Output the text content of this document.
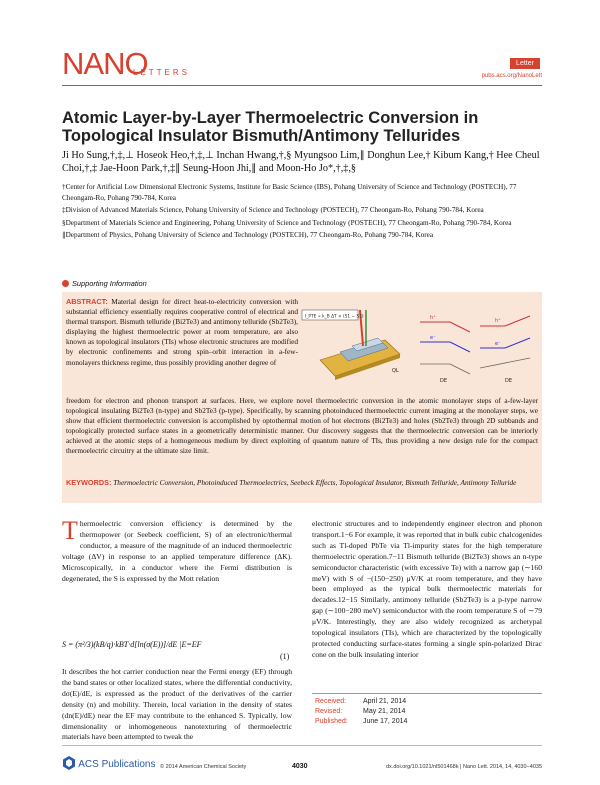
NANO
LETTERS
Letter
pubs.acs.org/NanoLett
Atomic Layer-by-Layer Thermoelectric Conversion in Topological Insulator Bismuth/Antimony Tellurides
Ji Ho Sung,†,‡,⊥ Hoseok Heo,†,‡,⊥ Inchan Hwang,†,§ Myungsoo Lim,∥ Donghun Lee,† Kibum Kang,† Hee Cheul Choi,†,‡ Jae-Hoon Park,†,‡∥ Seung-Hoon Jhi,∥ and Moon-Ho Jo*,†,‡,§

†Center for Artificial Low Dimensional Electronic Systems, Institute for Basic Science (IBS), Pohang University of Science and Technology (POSTECH), 77 Cheongam-Ro, Pohang 790-784, Korea

‡Division of Advanced Materials Science, Pohang University of Science and Technology (POSTECH), 77 Cheongam-Ro, Pohang 790-784, Korea

§Department of Materials Science and Engineering, Pohang University of Science and Technology (POSTECH), 77 Cheongam-Ro, Pohang 790-784, Korea

∥Department of Physics, Pohang University of Science and Technology (POSTECH), 77 Cheongam-Ro, Pohang 790-784, Korea

Supporting Information
ABSTRACT: Material design for direct heat-to-electricity conversion with substantial efficiency essentially requires cooperative control of electrical and thermal transport. Bismuth telluride (Bi2Te3) and antimony telluride (Sb2Te3), displaying the highest thermoelectric power at room temperature, are also known as topological insulators (TIs) whose electronic structures are modified by electronic confinements and strong spin–orbit interaction in a-few-monolayers thickness regime, thus possibly providing another degree of
freedom for electron and phonon transport at surfaces. Here, we explore novel thermoelectric conversion in the atomic monolayer steps of a-few-layer topological insulating Bi2Te3 (n-type) and Sb2Te3 (p-type). Specifically, by scanning photoinduced thermoelectric current imaging at the monolayer steps, we show that efficient thermoelectric conversion is accomplished by optothermal motion of hot electrons (Bi2Te3) and holes (Sb2Te3) through 2D subbands and topologically protected surface states in a geometrically deterministic manner. Our discovery suggests that the thermoelectric conversion can be interiorly achieved at the atomic steps of a homogeneous medium by direct exploiting of quantum nature of TIs, thus providing a new design rule for the compact thermoelectric circuitry at the ultimate size limit.
KEYWORDS: Thermoelectric Conversion, Photoinduced Thermoelectrics, Seebeck Effects, Topological Insulator, Bismuth Telluride, Antimony Telluride
I_PTE ∝ k_B ΔT × (S1 − S2)	h⁺	h⁺
e⁻
e⁻
DE	DE
QL

Thermoelectric conversion efficiency is determined by the thermopower (or Seebeck coefficient, S) of an electronic/thermal conductor, a measure of the magnitude of an induced thermoelectric voltage (ΔV) in response to an applied temperature difference (ΔK). Microscopically, in a conductor where the Fermi distribution is degenerated, the S is expressed by the Mott relation

S = (π²/3)(kB/q)·kBT·d[ln(σ(E))]/dE |E=EF
(1)

It describes the hot carrier conduction near the Fermi energy (EF) through the band states or other localized states, where the differential conductivity, dσ(E)/dE, is expressed as the product of the derivatives of the carrier density (n) and mobility. Therein, local variation in the density of states (dn(E)/dE) near the EF may contribute to the enhanced S. Typically, low dimensionality or inhomogeneous nanotexturing of thermoelectric materials have been attempted to tweak the

electronic structures and to independently engineer electron and phonon transport.1−6 For example, it was reported that in bulk cubic chalcogenides such as Tl-doped PbTe via Tl-impurity states for the high temperature thermoelectric operation.7−11 Bismuth telluride (Bi2Te3) shows an n-type semiconductor characteristic (with excessive Te) with a narrow gap (∼160 meV) with S of −(150−250) μV/K at room temperature, and they have been employed as the typical bulk thermoelectric materials for decades.12−15 Similarly, antimony telluride (Sb2Te3) is a p-type narrow gap (∼100−280 meV) semiconductor with the room temperature S of ∼79 μV/K. Interestingly, they are also widely recognized as archetypal topological insulators (TIs), which are characterized by the topologically protected conducting surface-states forming a single spin-polarized Dirac cone on the bulk insulating interior

Received: April 21, 2014
Revised:	May 21, 2014
Published: June 17, 2014
ACS Publications © 2014 American Chemical Society	4030	dx.doi.org/10.1021/nl501468k | Nano Lett. 2014, 14, 4030−4035
